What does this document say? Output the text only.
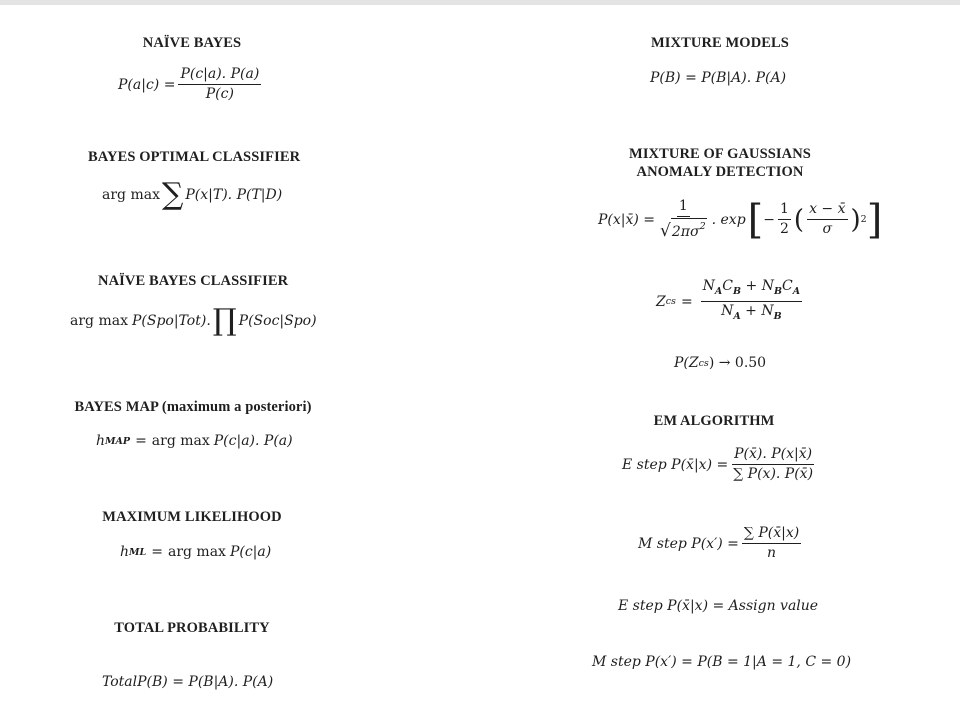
NAÏVE BAYES
$P(a|c) = \frac{P(c|a). P(a)}{P(c)}$
BAYES OPTIMAL CLASSIFIER
arg max ∑ P(x|T). P(T|D)
NAÏVE BAYES CLASSIFIER
arg max P(Spo|Tot). ∏ P(Soc|Spo)
BAYES MAP (maximum a posteriori)
h MAP = arg max P(c|a). P(a)
MAXIMUM LIKELIHOOD
h ML = arg max P(c|a)
TOTAL PROBABILITY
TotalP(B) = P(B|A). P(A)
MIXTURE MODELS
P(B) = P(B|A). P(A)
MIXTURE OF GAUSSIANS
ANOMALY DETECTION
P(x|x̄) = $\frac{1}{√ 2\pi\sigma^2}$ . exp [ − $\frac{1}{2}$ ( $\frac{x - x̄}{\sigma}$ ) 2 ]
Z cs = $\frac{N_AC_B + N_BC_A}{N_A + N_B}$
P(Z cs ) → 0.50
EM ALGORITHM
E step P(x̄|x) = $\frac{P(x̄). P(x|x̄)}{\sum P(x). P(x̄)}$
M step $P(x') = \frac{\sum P(x̄|x)}{n}$
E step P(x̄|x) = Assign value
M step P(x′) = P(B = 1|A = 1, C = 0)
